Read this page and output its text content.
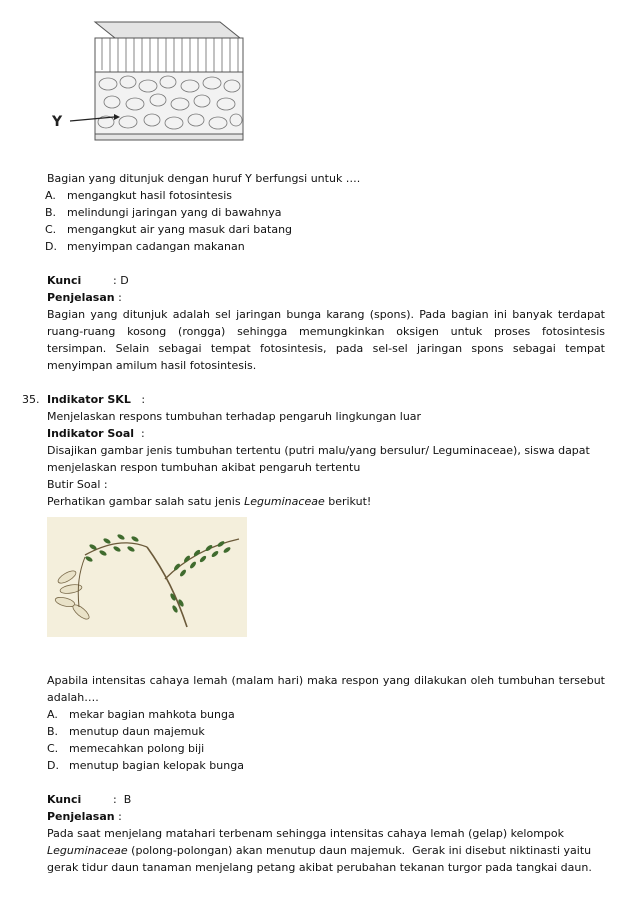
Y
Bagian yang ditunjuk dengan huruf Y berfungsi untuk ….
A. mengangkut hasil fotosintesis
B. melindungi jaringan yang di bawahnya
C. mengangkut air yang masuk dari batang
D. menyimpan cadangan makanan
Kunci	: D
Penjelasan :
Bagian yang ditunjuk adalah sel jaringan bunga karang (spons). Pada bagian ini banyak terdapat
ruang-ruang kosong (rongga) sehingga memungkinkan oksigen untuk proses fotosintesis
tersimpan. Selain sebagai tempat fotosintesis, pada sel-sel jaringan spons sebagai tempat
menyimpan amilum hasil fotosintesis.
35. Indikator SKL   :
Menjelaskan respons tumbuhan terhadap pengaruh lingkungan luar
Indikator Soal  :
Disajikan gambar jenis tumbuhan tertentu (putri malu/yang bersulur/ Leguminaceae), siswa dapat
menjelaskan respon tumbuhan akibat pengaruh tertentu
Butir Soal :
Perhatikan gambar salah satu jenis Leguminaceae berikut!
Apabila intensitas cahaya lemah (malam hari) maka respon yang dilakukan oleh tumbuhan tersebut
adalah….
A. mekar bagian mahkota bunga
B. menutup daun majemuk
C. memecahkan polong biji
D. menutup bagian kelopak bunga
Kunci	:  B
Penjelasan :
Pada saat menjelang matahari terbenam sehingga intensitas cahaya lemah (gelap) kelompok
Leguminaceae (polong-polongan) akan menutup daun majemuk.  Gerak ini disebut niktinasti yaitu
gerak tidur daun tanaman menjelang petang akibat perubahan tekanan turgor pada tangkai daun.
